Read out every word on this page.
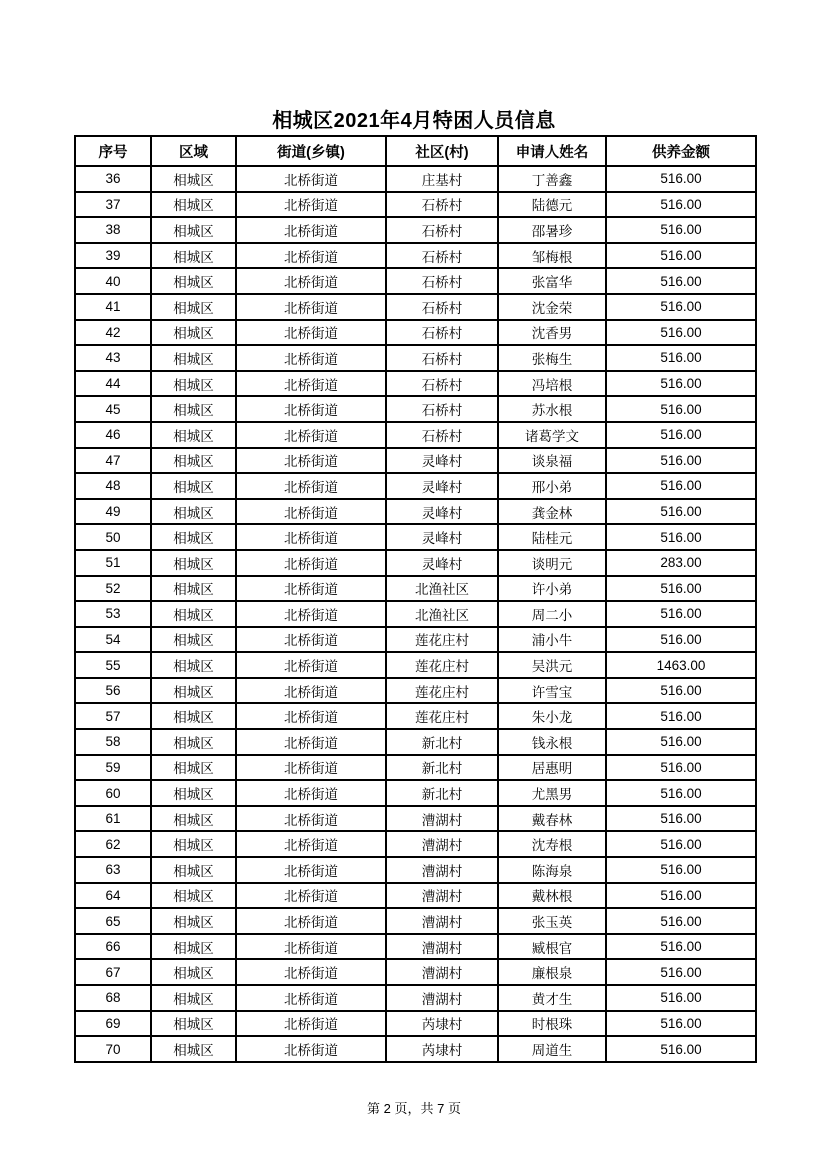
相城区2021年4月特困人员信息
序号	区域	街道(乡镇)	社区(村)	申请人姓名	供养金额
36	相城区	北桥街道	庄基村	丁善鑫	516.00
37	相城区	北桥街道	石桥村	陆德元	516.00
38	相城区	北桥街道	石桥村	邵暑珍	516.00
39	相城区	北桥街道	石桥村	邹梅根	516.00
40	相城区	北桥街道	石桥村	张富华	516.00
41	相城区	北桥街道	石桥村	沈金荣	516.00
42	相城区	北桥街道	石桥村	沈香男	516.00
43	相城区	北桥街道	石桥村	张梅生	516.00
44	相城区	北桥街道	石桥村	冯培根	516.00
45	相城区	北桥街道	石桥村	苏水根	516.00
46	相城区	北桥街道	石桥村	诸葛学文	516.00
47	相城区	北桥街道	灵峰村	谈泉福	516.00
48	相城区	北桥街道	灵峰村	邢小弟	516.00
49	相城区	北桥街道	灵峰村	龚金林	516.00
50	相城区	北桥街道	灵峰村	陆桂元	516.00
51	相城区	北桥街道	灵峰村	谈明元	283.00
52	相城区	北桥街道	北渔社区	许小弟	516.00
53	相城区	北桥街道	北渔社区	周二小	516.00
54	相城区	北桥街道	莲花庄村	浦小牛	516.00
55	相城区	北桥街道	莲花庄村	吴洪元	1463.00
56	相城区	北桥街道	莲花庄村	许雪宝	516.00
57	相城区	北桥街道	莲花庄村	朱小龙	516.00
58	相城区	北桥街道	新北村	钱永根	516.00
59	相城区	北桥街道	新北村	居惠明	516.00
60	相城区	北桥街道	新北村	尤黑男	516.00
61	相城区	北桥街道	漕湖村	戴春林	516.00
62	相城区	北桥街道	漕湖村	沈寿根	516.00
63	相城区	北桥街道	漕湖村	陈海泉	516.00
64	相城区	北桥街道	漕湖村	戴林根	516.00
65	相城区	北桥街道	漕湖村	张玉英	516.00
66	相城区	北桥街道	漕湖村	臧根官	516.00
67	相城区	北桥街道	漕湖村	廉根泉	516.00
68	相城区	北桥街道	漕湖村	黄才生	516.00
69	相城区	北桥街道	芮埭村	时根珠	516.00
70	相城区	北桥街道	芮埭村	周道生	516.00
第 2 页，共 7 页
